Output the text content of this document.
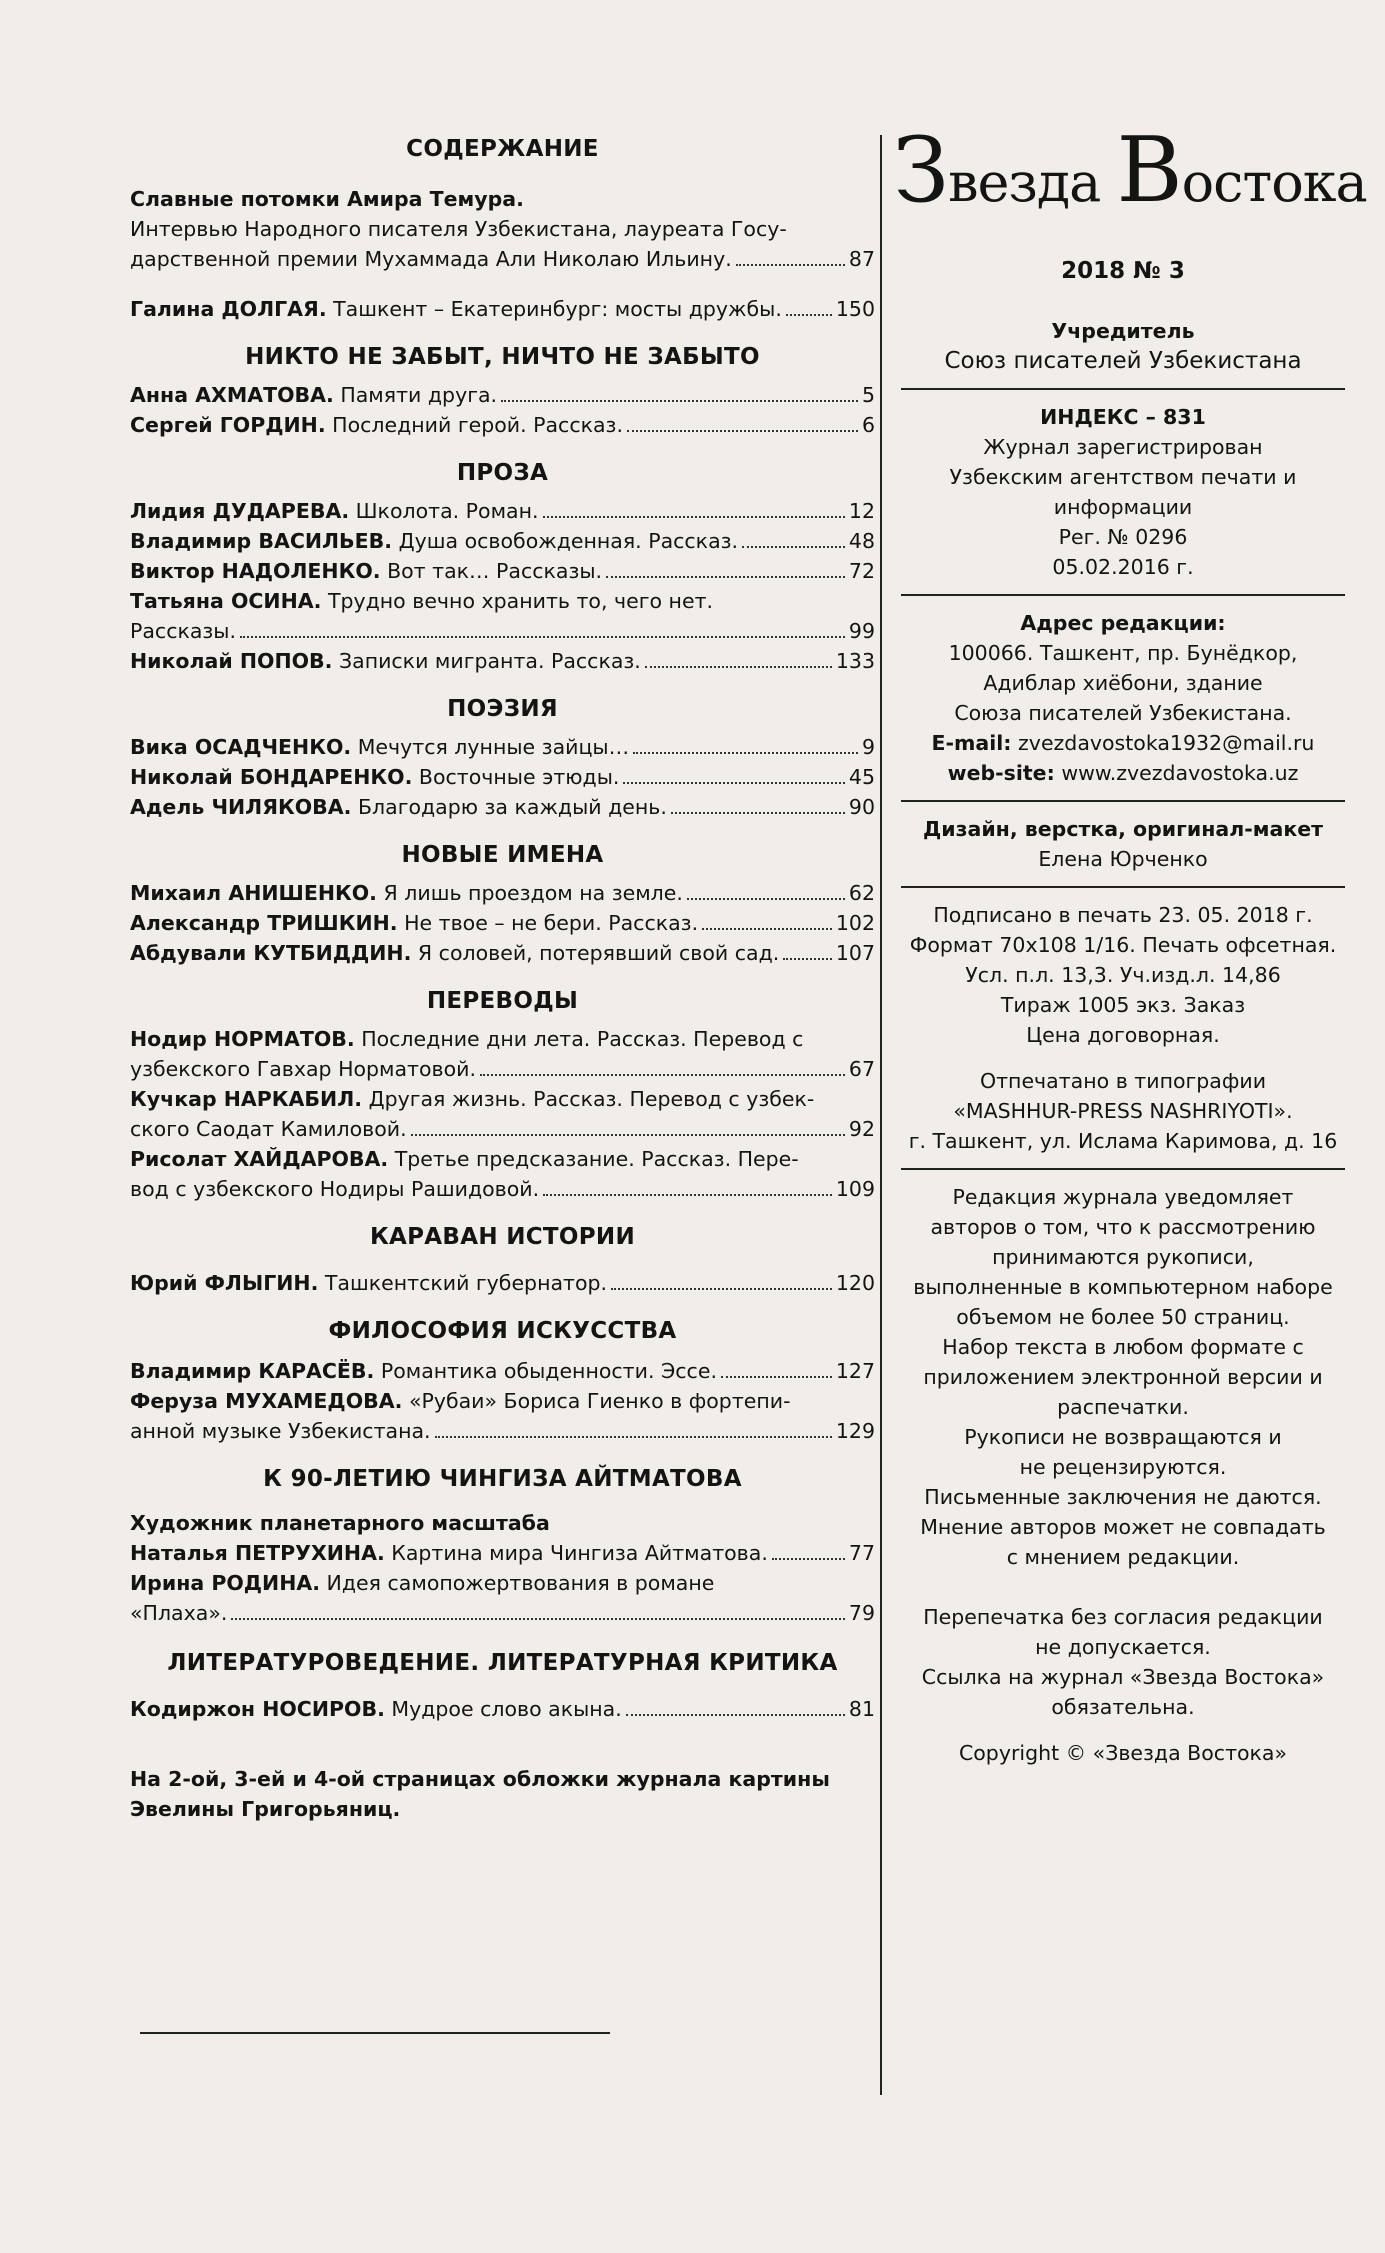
СОДЕРЖАНИЕ
Славные потомки Амира Темура.
Интервью Народного писателя Узбекистана, лауреата Госу-
дарственной премии Мухаммада Али Николаю Ильину.	87
Галина ДОЛГАЯ. Ташкент – Екатеринбург: мосты дружбы.	150
НИКТО НЕ ЗАБЫТ, НИЧТО НЕ ЗАБЫТО
Анна АХМАТОВА. Памяти друга.	5
Сергей ГОРДИН. Последний герой. Рассказ.	6
ПРОЗА
Лидия ДУДАРЕВА. Школота. Роман.	12
Владимир ВАСИЛЬЕВ. Душа освобожденная. Рассказ.	48
Виктор НАДОЛЕНКО. Вот так… Рассказы.	72
Татьяна ОСИНА. Трудно вечно хранить то, чего нет.
Рассказы.	99
Николай ПОПОВ. Записки мигранта. Рассказ.	133
ПОЭЗИЯ
Вика ОСАДЧЕНКО. Мечутся лунные зайцы…	9
Николай БОНДАРЕНКО. Восточные этюды.	45
Адель ЧИЛЯКОВА. Благодарю за каждый день.	90
НОВЫЕ ИМЕНА
Михаил АНИШЕНКО. Я лишь проездом на земле.	62
Александр ТРИШКИН. Не твое – не бери. Рассказ.	102
Абдували КУТБИДДИН. Я соловей, потерявший свой сад.	107
ПЕРЕВОДЫ
Нодир НОРМАТОВ. Последние дни лета. Рассказ. Перевод с
узбекского Гавхар Норматовой.	67
Кучкар НАРКАБИЛ. Другая жизнь. Рассказ. Перевод с узбек-
ского Саодат Камиловой.	92
Рисолат ХАЙДАРОВА. Третье предсказание. Рассказ. Пере-
вод с узбекского Нодиры Рашидовой.	109
КАРАВАН ИСТОРИИ
Юрий ФЛЫГИН. Ташкентский губернатор.	120
ФИЛОСОФИЯ ИСКУССТВА
Владимир КАРАСЁВ. Романтика обыденности. Эссе.	127
Феруза МУХАМЕДОВА. «Рубаи» Бориса Гиенко в фортепи-
анной музыке Узбекистана.	129
К 90-ЛЕТИЮ ЧИНГИЗА АЙТМАТОВА
Художник планетарного масштаба
Наталья ПЕТРУХИНА. Картина мира Чингиза Айтматова.	77
Ирина РОДИНА. Идея самопожертвования в романе
«Плаха».	79
ЛИТЕРАТУРОВЕДЕНИЕ. ЛИТЕРАТУРНАЯ КРИТИКА
Кодиржон НОСИРОВ. Мудрое слово акына.	81
На 2-ой, 3-ей и 4-ой страницах обложки журнала картины
Эвелины Григорьяниц.
Звезда Востока
2018 № 3
Учредитель
Союз писателей Узбекистана
ИНДЕКС – 831
Журнал зарегистрирован
Узбекским агентством печати и
информации
Рег. № 0296
05.02.2016 г.
Адрес редакции:
100066. Ташкент, пр. Бунёдкор,
Адиблар хиёбони, здание
Союза писателей Узбекистана.
E-mail: zvezdavostoka1932@mail.ru
web-site: www.zvezdavostoka.uz
Дизайн, верстка, оригинал-макет
Елена Юрченко
Подписано в печать 23. 05. 2018 г.
Формат 70х108 1/16. Печать офсетная.
Усл. п.л. 13,3. Уч.изд.л. 14,86
Тираж 1005 экз. Заказ
Цена договорная.
Отпечатано в типографии
«MASHHUR-PRESS NASHRIYOTI».
г. Ташкент, ул. Ислама Каримова, д. 16
Редакция журнала уведомляет
авторов о том, что к рассмотрению
принимаются рукописи,
выполненные в компьютерном наборе
объемом не более 50 страниц.
Набор текста в любом формате с
приложением электронной версии и
распечатки.
Рукописи не возвращаются и
не рецензируются.
Письменные заключения не даются.
Мнение авторов может не совпадать
с мнением редакции.
Перепечатка без согласия редакции
не допускается.
Ссылка на журнал «Звезда Востока»
обязательна.
Copyright © «Звезда Востока»
